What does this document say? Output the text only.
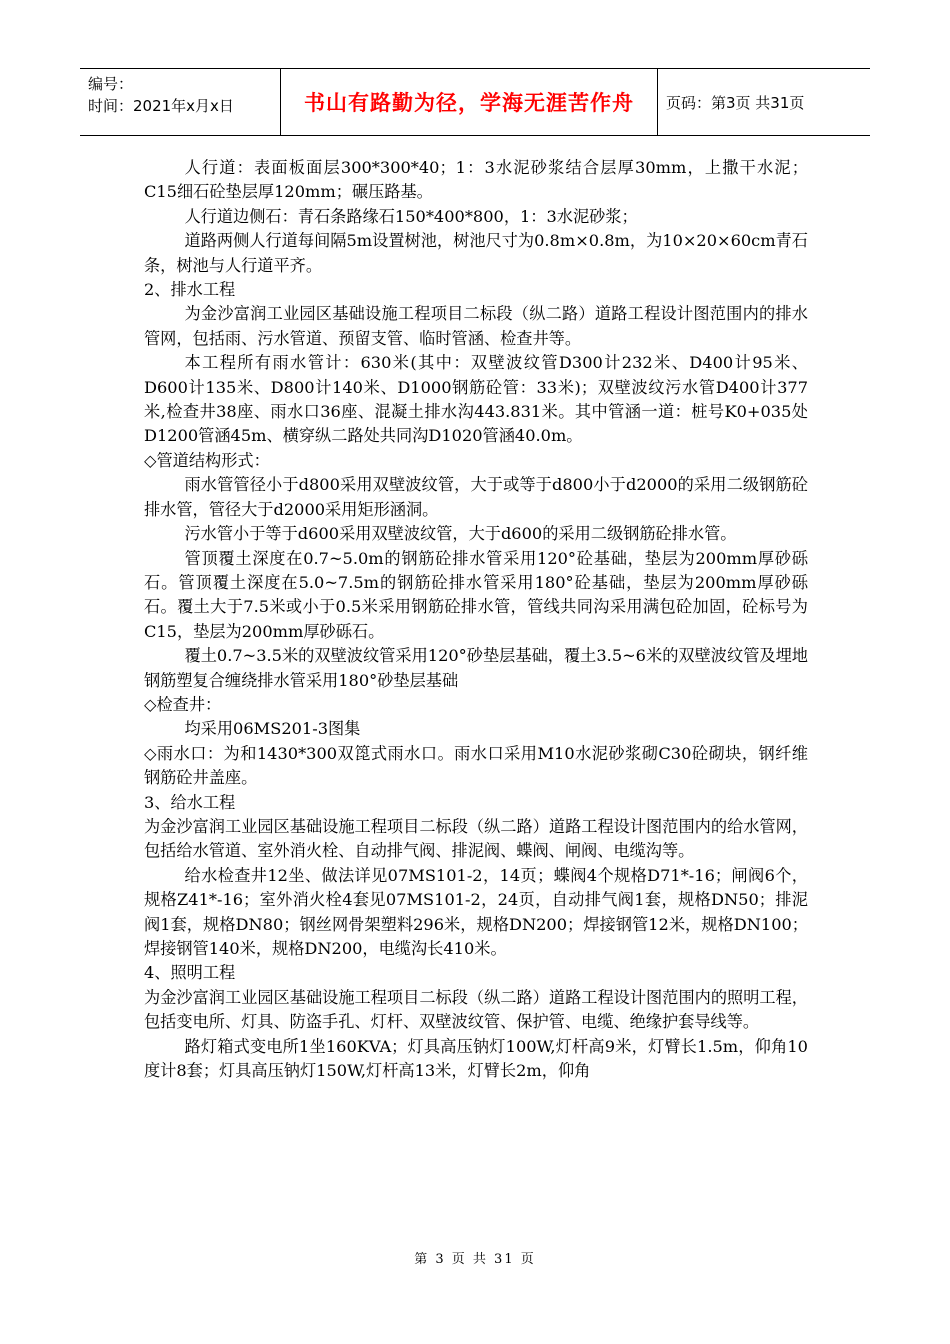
编号：
时间：2021年x月x日	书山有路勤为径，学海无涯苦作舟	页码：第3页 共31页

人行道：表面板面层300*300*40；1：3水泥砂浆结合层厚30mm，上撒干水泥；C15细石砼垫层厚120mm；碾压路基。

人行道边侧石：青石条路缘石150*400*800，1：3水泥砂浆；

道路两侧人行道每间隔5m设置树池，树池尺寸为0.8m×0.8m，为10×20×60cm青石条，树池与人行道平齐。

2、排水工程

为金沙富润工业园区基础设施工程项目二标段（纵二路）道路工程设计图范围内的排水管网，包括雨、污水管道、预留支管、临时管涵、检查井等。

本工程所有雨水管计：630米(其中：双壁波纹管D300计232米、D400计95米、D600计135米、D800计140米、D1000钢筋砼管：33米)；双壁波纹污水管D400计377米,检查井38座、雨水口36座、混凝土排水沟443.831米。其中管涵一道：桩号K0+035处D1200管涵45m、横穿纵二路处共同沟D1020管涵40.0m。

◇管道结构形式：

雨水管管径小于d800采用双壁波纹管，大于或等于d800小于d2000的采用二级钢筋砼排水管，管径大于d2000采用矩形涵洞。

污水管小于等于d600采用双壁波纹管，大于d600的采用二级钢筋砼排水管。

管顶覆土深度在0.7~5.0m的钢筋砼排水管采用120°砼基础，垫层为200mm厚砂砾石。管顶覆土深度在5.0~7.5m的钢筋砼排水管采用180°砼基础，垫层为200mm厚砂砾石。覆土大于7.5米或小于0.5米采用钢筋砼排水管，管线共同沟采用满包砼加固，砼标号为C15，垫层为200mm厚砂砾石。

覆土0.7~3.5米的双壁波纹管采用120°砂垫层基础，覆土3.5~6米的双壁波纹管及埋地钢筋塑复合缠绕排水管采用180°砂垫层基础

◇检查井：

均采用06MS201-3图集

◇雨水口：为和1430*300双箆式雨水口。雨水口采用M10水泥砂浆砌C30砼砌块，钢纤维钢筋砼井盖座。

3、给水工程

为金沙富润工业园区基础设施工程项目二标段（纵二路）道路工程设计图范围内的给水管网，包括给水管道、室外消火栓、自动排气阀、排泥阀、蝶阀、闸阀、电缆沟等。

给水检查井12坐、做法详见07MS101-2，14页；蝶阀4个规格D71*-16；闸阀6个，规格Z41*-16；室外消火栓4套见07MS101-2，24页，自动排气阀1套，规格DN50；排泥阀1套，规格DN80；钢丝网骨架塑料296米，规格DN200；焊接钢管12米，规格DN100；焊接钢管140米，规格DN200，电缆沟长410米。

4、照明工程

为金沙富润工业园区基础设施工程项目二标段（纵二路）道路工程设计图范围内的照明工程，包括变电所、灯具、防盗手孔、灯杆、双壁波纹管、保护管、电缆、绝缘护套导线等。

路灯箱式变电所1坐160KVA；灯具高压钠灯100W,灯杆高9米，灯臂长1.5m，仰角10度计8套；灯具高压钠灯150W,灯杆高13米，灯臂长2m，仰角

第 3 页 共 31 页
